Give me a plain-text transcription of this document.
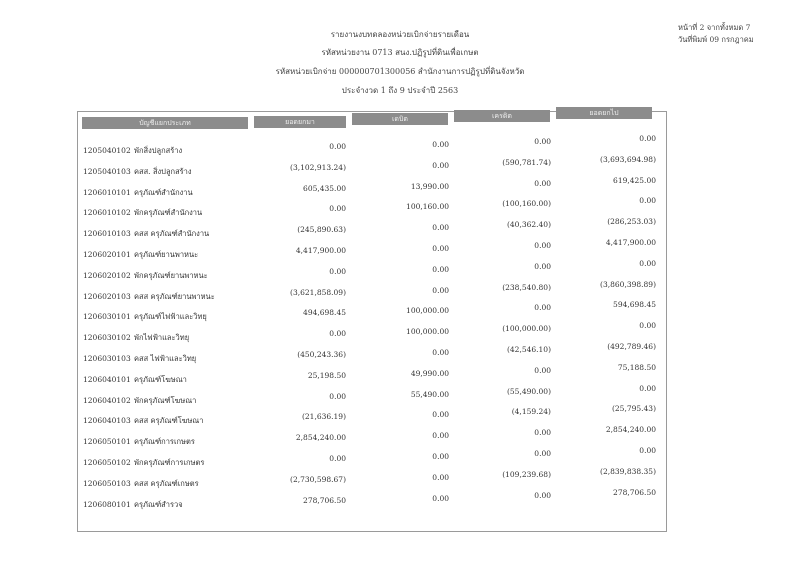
รายงานงบทดลองหน่วยเบิกจ่ายรายเดือน
รหัสหน่วยงาน 0713 สนง.ปฏิรูปที่ดินเพื่อเกษต
รหัสหน่วยเบิกจ่าย 000000701300056 สำนักงานการปฏิรูปที่ดินจังหวัด
ประจำงวด 1 ถึง 9 ประจำปี 2563
หน้าที่ 2 จากทั้งหมด 7
วันที่พิมพ์ 09 กรกฎาคม
บัญชีแยกประเภท	ยอดยกมา	เดบิต	เครดิต	ยอดยกไป
1205040102 พักสิ่งปลูกสร้าง	0.00	0.00	0.00	0.00
1205040103 คสส. สิ่งปลูกสร้าง	(3,102,913.24)	0.00	(590,781.74)	(3,693,694.98)
1206010101 ครุภัณฑ์สำนักงาน	605,435.00	13,990.00	0.00	619,425.00
1206010102 พักครุภัณฑ์สำนักงาน	0.00	100,160.00	(100,160.00)	0.00
1206010103 คสส ครุภัณฑ์สำนักงาน	(245,890.63)	0.00	(40,362.40)	(286,253.03)
1206020101 ครุภัณฑ์ยานพาหนะ	4,417,900.00	0.00	0.00	4,417,900.00
1206020102 พักครุภัณฑ์ยานพาหนะ	0.00	0.00	0.00	0.00
1206020103 คสส ครุภัณฑ์ยานพาหนะ	(3,621,858.09)	0.00	(238,540.80)	(3,860,398.89)
1206030101 ครุภัณฑ์ไฟฟ้าและวิทยุ	494,698.45	100,000.00	0.00	594,698.45
1206030102 พักไฟฟ้าและวิทยุ	0.00	100,000.00	(100,000.00)	0.00
1206030103 คสส ไฟฟ้าและวิทยุ	(450,243.36)	0.00	(42,546.10)	(492,789.46)
1206040101 ครุภัณฑ์โฆษณา	25,198.50	49,990.00	0.00	75,188.50
1206040102 พักครุภัณฑ์โฆษณา	0.00	55,490.00	(55,490.00)	0.00
1206040103 คสส ครุภัณฑ์โฆษณา	(21,636.19)	0.00	(4,159.24)	(25,795.43)
1206050101 ครุภัณฑ์การเกษตร	2,854,240.00	0.00	0.00	2,854,240.00
1206050102 พักครุภัณฑ์การเกษตร	0.00	0.00	0.00	0.00
1206050103 คสส ครุภัณฑ์เกษตร	(2,730,598.67)	0.00	(109,239.68)	(2,839,838.35)
1206080101 ครุภัณฑ์สำรวจ	278,706.50	0.00	0.00	278,706.50
